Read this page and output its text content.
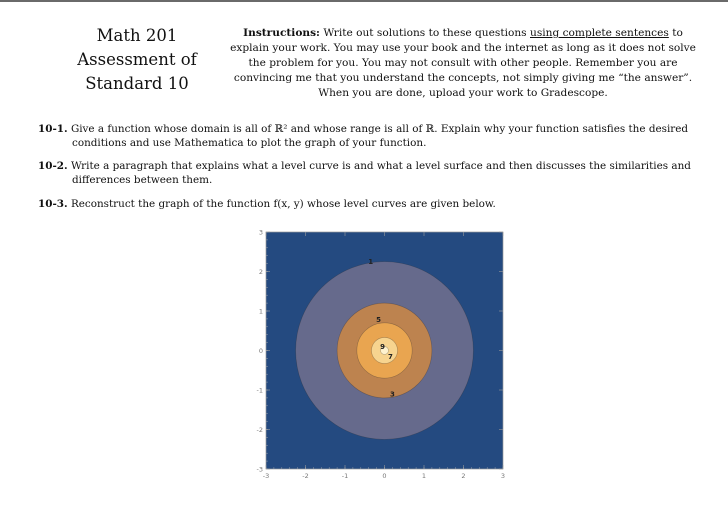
Math 201
Assessment of
Standard 10
Instructions: Write out solutions to these questions using complete sentences to
explain your work. You may use your book and the internet as long as it does not solve
the problem for you. You may not consult with other people. Remember you are
convincing me that you understand the concepts, not simply giving me “the answer”.
When you are done, upload your work to Gradescope.
10-1. Give a function whose domain is all of ℝ² and whose range is all of ℝ. Explain why your function satisfies the desired
conditions and use Mathematica to plot the graph of your function.
10-2. Write a paragraph that explains what a level curve is and what a level surface and then discusses the similarities and
differences between them.
10-3. Reconstruct the graph of the function f(x, y) whose level curves are given below.
-3	-2	-1	0	1	2	3
3
2
1
0
-1
-2
-3
1
3
5
7
9
